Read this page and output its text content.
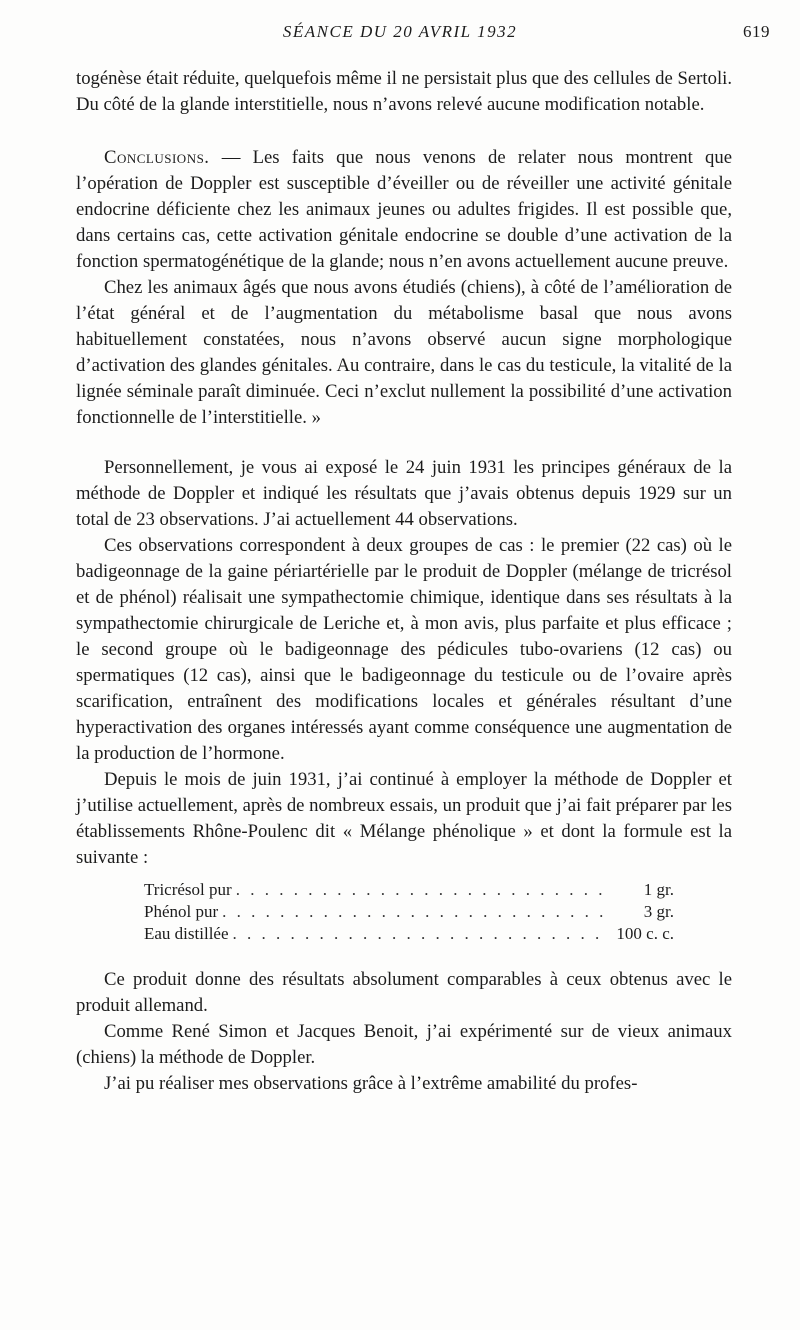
SÉANCE DU 20 AVRIL 1932	619

togénèse était réduite, quelquefois même il ne persistait plus que des cellules de Sertoli. Du côté de la glande interstitielle, nous n’avons relevé aucune modification notable.

Conclusions. — Les faits que nous venons de relater nous montrent que l’opération de Doppler est susceptible d’éveiller ou de réveiller une activité génitale endocrine déficiente chez les animaux jeunes ou adultes frigides. Il est possible que, dans certains cas, cette activation génitale endocrine se double d’une activation de la fonction spermatogénétique de la glande; nous n’en avons actuellement aucune preuve.

Chez les animaux âgés que nous avons étudiés (chiens), à côté de l’amélioration de l’état général et de l’augmentation du métabolisme basal que nous avons habituellement constatées, nous n’avons observé aucun signe morphologique d’activation des glandes génitales. Au contraire, dans le cas du testicule, la vitalité de la lignée séminale paraît diminuée. Ceci n’exclut nullement la possibilité d’une activation fonctionnelle de l’interstitielle. »

Personnellement, je vous ai exposé le 24 juin 1931 les principes généraux de la méthode de Doppler et indiqué les résultats que j’avais obtenus depuis 1929 sur un total de 23 observations. J’ai actuellement 44 observations.

Ces observations correspondent à deux groupes de cas : le premier (22 cas) où le badigeonnage de la gaine périartérielle par le produit de Doppler (mélange de tricrésol et de phénol) réalisait une sympathectomie chimique, identique dans ses résultats à la sympathectomie chirurgicale de Leriche et, à mon avis, plus parfaite et plus efficace ; le second groupe où le badigeonnage des pédicules tubo-ovariens (12 cas) ou spermatiques (12 cas), ainsi que le badigeonnage du testicule ou de l’ovaire après scarification, entraînent des modifications locales et générales résultant d’une hyperactivation des organes intéressés ayant comme conséquence une augmentation de la production de l’hormone.

Depuis le mois de juin 1931, j’ai continué à employer la méthode de Doppler et j’utilise actuellement, après de nombreux essais, un produit que j’ai fait préparer par les établissements Rhône-Poulenc dit « Mélange phénolique » et dont la formule est la suivante :

Tricrésol pur . . .	1 gr.
Phénol pur . . .	3 gr.
Eau distillée . . .	100 c. c.

Ce produit donne des résultats absolument comparables à ceux obtenus avec le produit allemand.

Comme René Simon et Jacques Benoit, j’ai expérimenté sur de vieux animaux (chiens) la méthode de Doppler.

J’ai pu réaliser mes observations grâce à l’extrême amabilité du profes-
